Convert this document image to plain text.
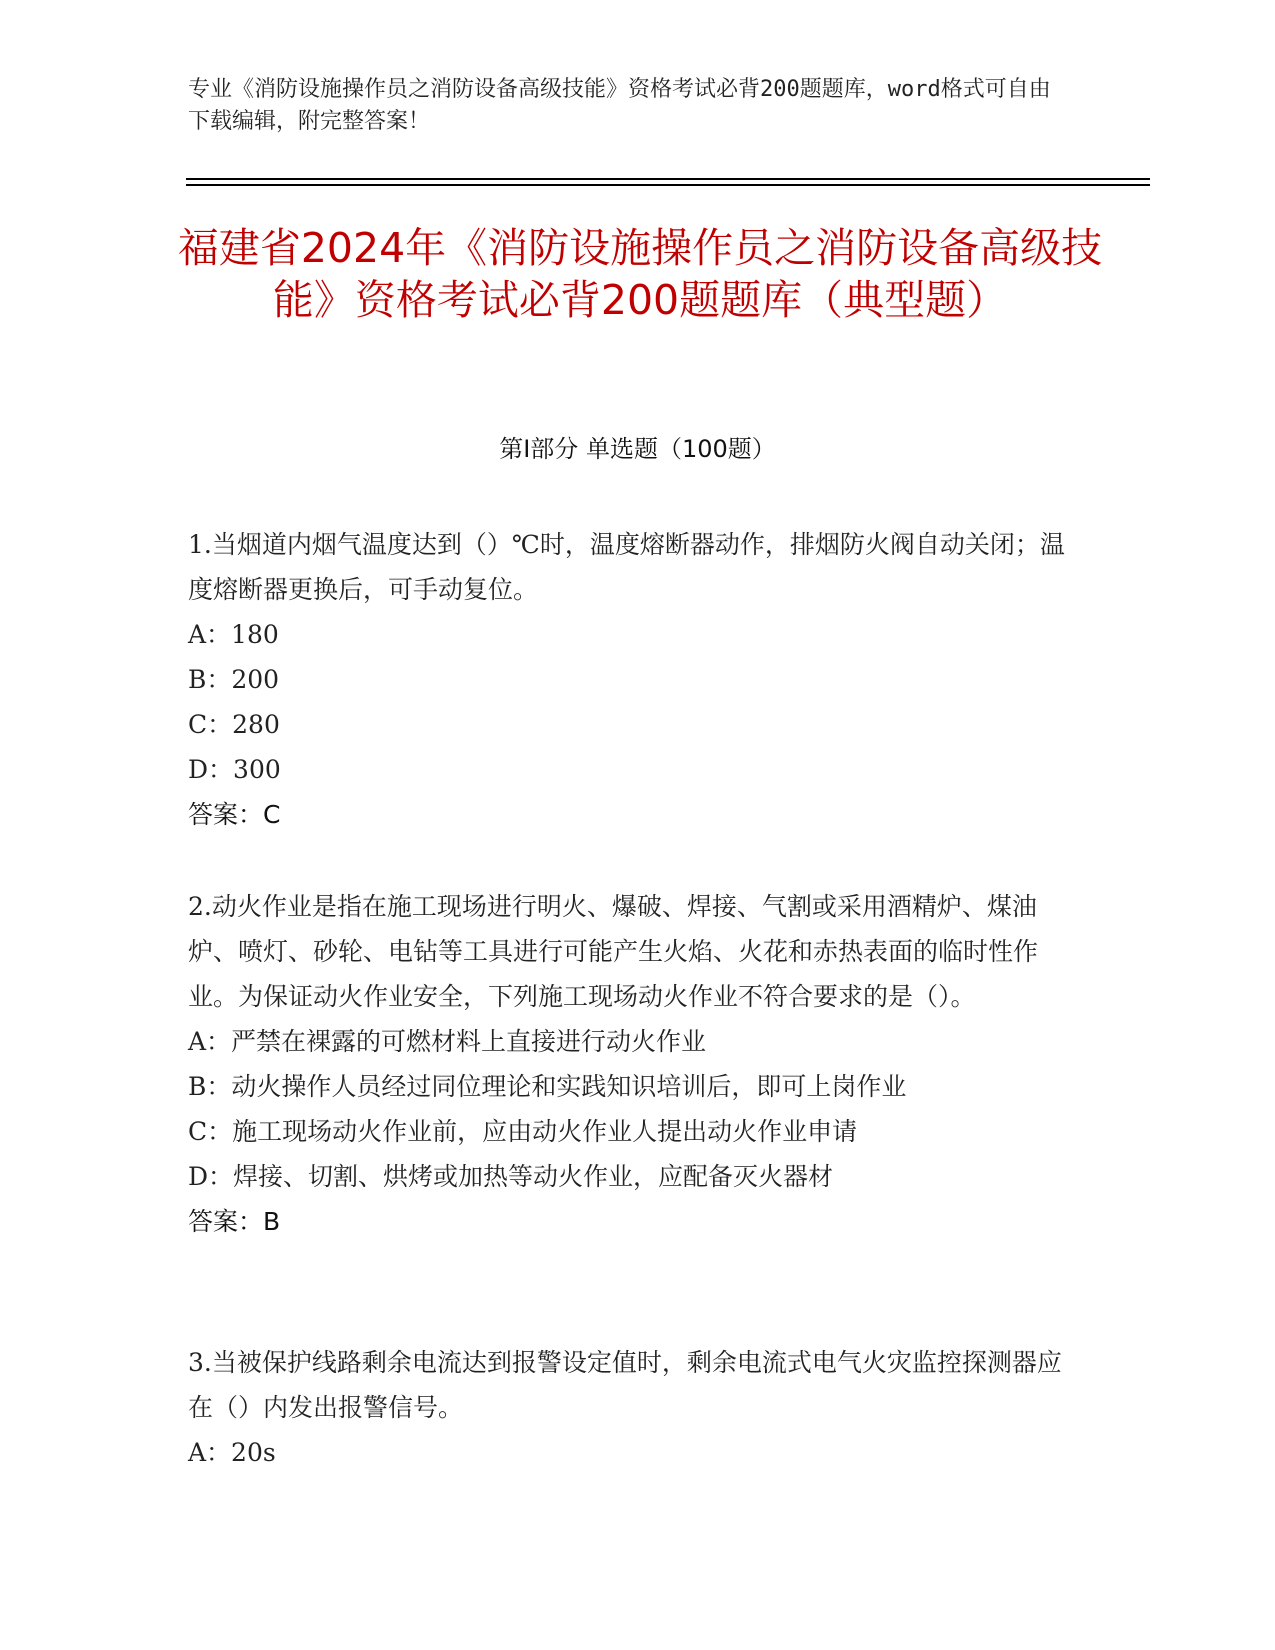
专业《消防设施操作员之消防设备高级技能》资格考试必背200题题库，word格式可自由下载编辑，附完整答案！
福建省2024年《消防设施操作员之消防设备高级技能》资格考试必背200题题库（典型题）
第I部分 单选题（100题）

1.当烟道内烟气温度达到（）℃时，温度熔断器动作，排烟防火阀自动关闭；温度熔断器更换后，可手动复位。

A：180

B：200

C：280

D：300

答案：C

2.动火作业是指在施工现场进行明火、爆破、焊接、气割或采用酒精炉、煤油炉、喷灯、砂轮、电钻等工具进行可能产生火焰、火花和赤热表面的临时性作业。为保证动火作业安全，下列施工现场动火作业不符合要求的是（）。

A：严禁在裸露的可燃材料上直接进行动火作业

B：动火操作人员经过同位理论和实践知识培训后，即可上岗作业

C：施工现场动火作业前，应由动火作业人提出动火作业申请

D：焊接、切割、烘烤或加热等动火作业，应配备灭火器材

答案：B

3.当被保护线路剩余电流达到报警设定值时，剩余电流式电气火灾监控探测器应在（）内发出报警信号。

A：20s
